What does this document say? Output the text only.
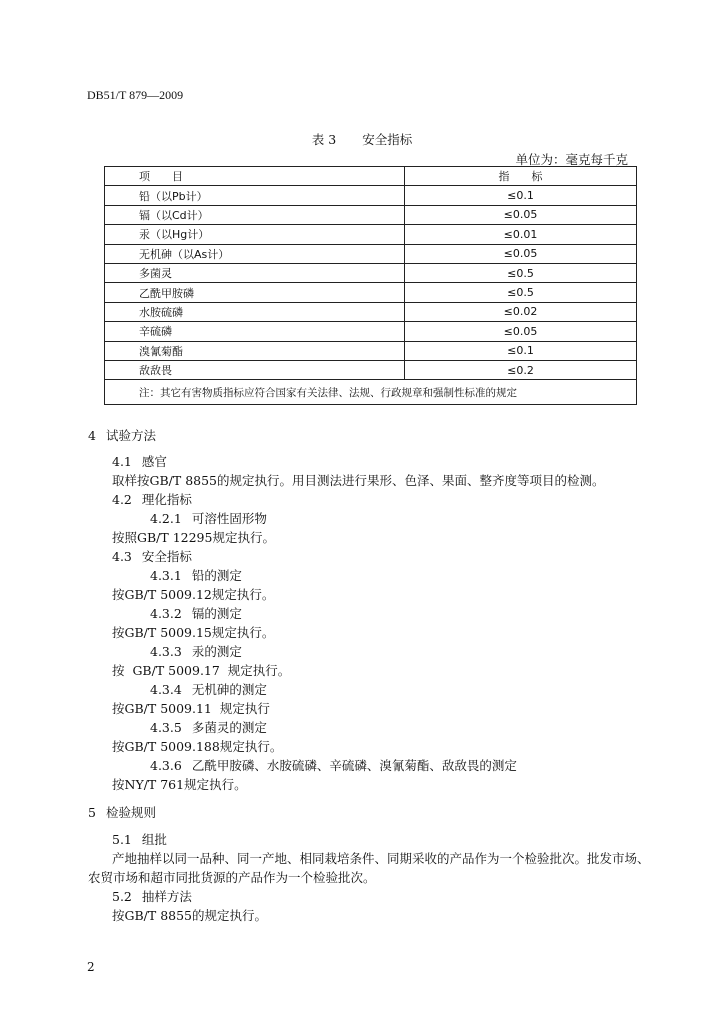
DB51/T 879—2009
表 3 安全指标
单位为：毫克每千克
项　　目	指　　标
铅（以Pb计）	≤0.1
镉（以Cd计）	≤0.05
汞（以Hg计）	≤0.01
无机砷（以As计）	≤0.05
多菌灵	≤0.5
乙酰甲胺磷	≤0.5
水胺硫磷	≤0.02
辛硫磷	≤0.05
溴氰菊酯	≤0.1
敌敌畏	≤0.2
注：其它有害物质指标应符合国家有关法律、法规、行政规章和强制性标准的规定	
4 试验方法
4.1 感官
取样按GB/T 8855的规定执行。用目测法进行果形、色泽、果面、整齐度等项目的检测。
4.2 理化指标
4.2.1 可溶性固形物
按照GB/T 12295规定执行。
4.3 安全指标
4.3.1 铅的测定
按GB/T 5009.12规定执行。
4.3.2 镉的测定
按GB/T 5009.15规定执行。
4.3.3 汞的测定
按  GB/T 5009.17  规定执行。
4.3.4 无机砷的测定
按GB/T 5009.11  规定执行
4.3.5 多菌灵的测定
按GB/T 5009.188规定执行。
4.3.6 乙酰甲胺磷、水胺硫磷、辛硫磷、溴氰菊酯、敌敌畏的测定
按NY/T 761规定执行。
5 检验规则
5.1 组批
产地抽样以同一品种、同一产地、相同栽培条件、同期采收的产品作为一个检验批次。批发市场、
农贸市场和超市同批货源的产品作为一个检验批次。
5.2 抽样方法
按GB/T 8855的规定执行。
2
